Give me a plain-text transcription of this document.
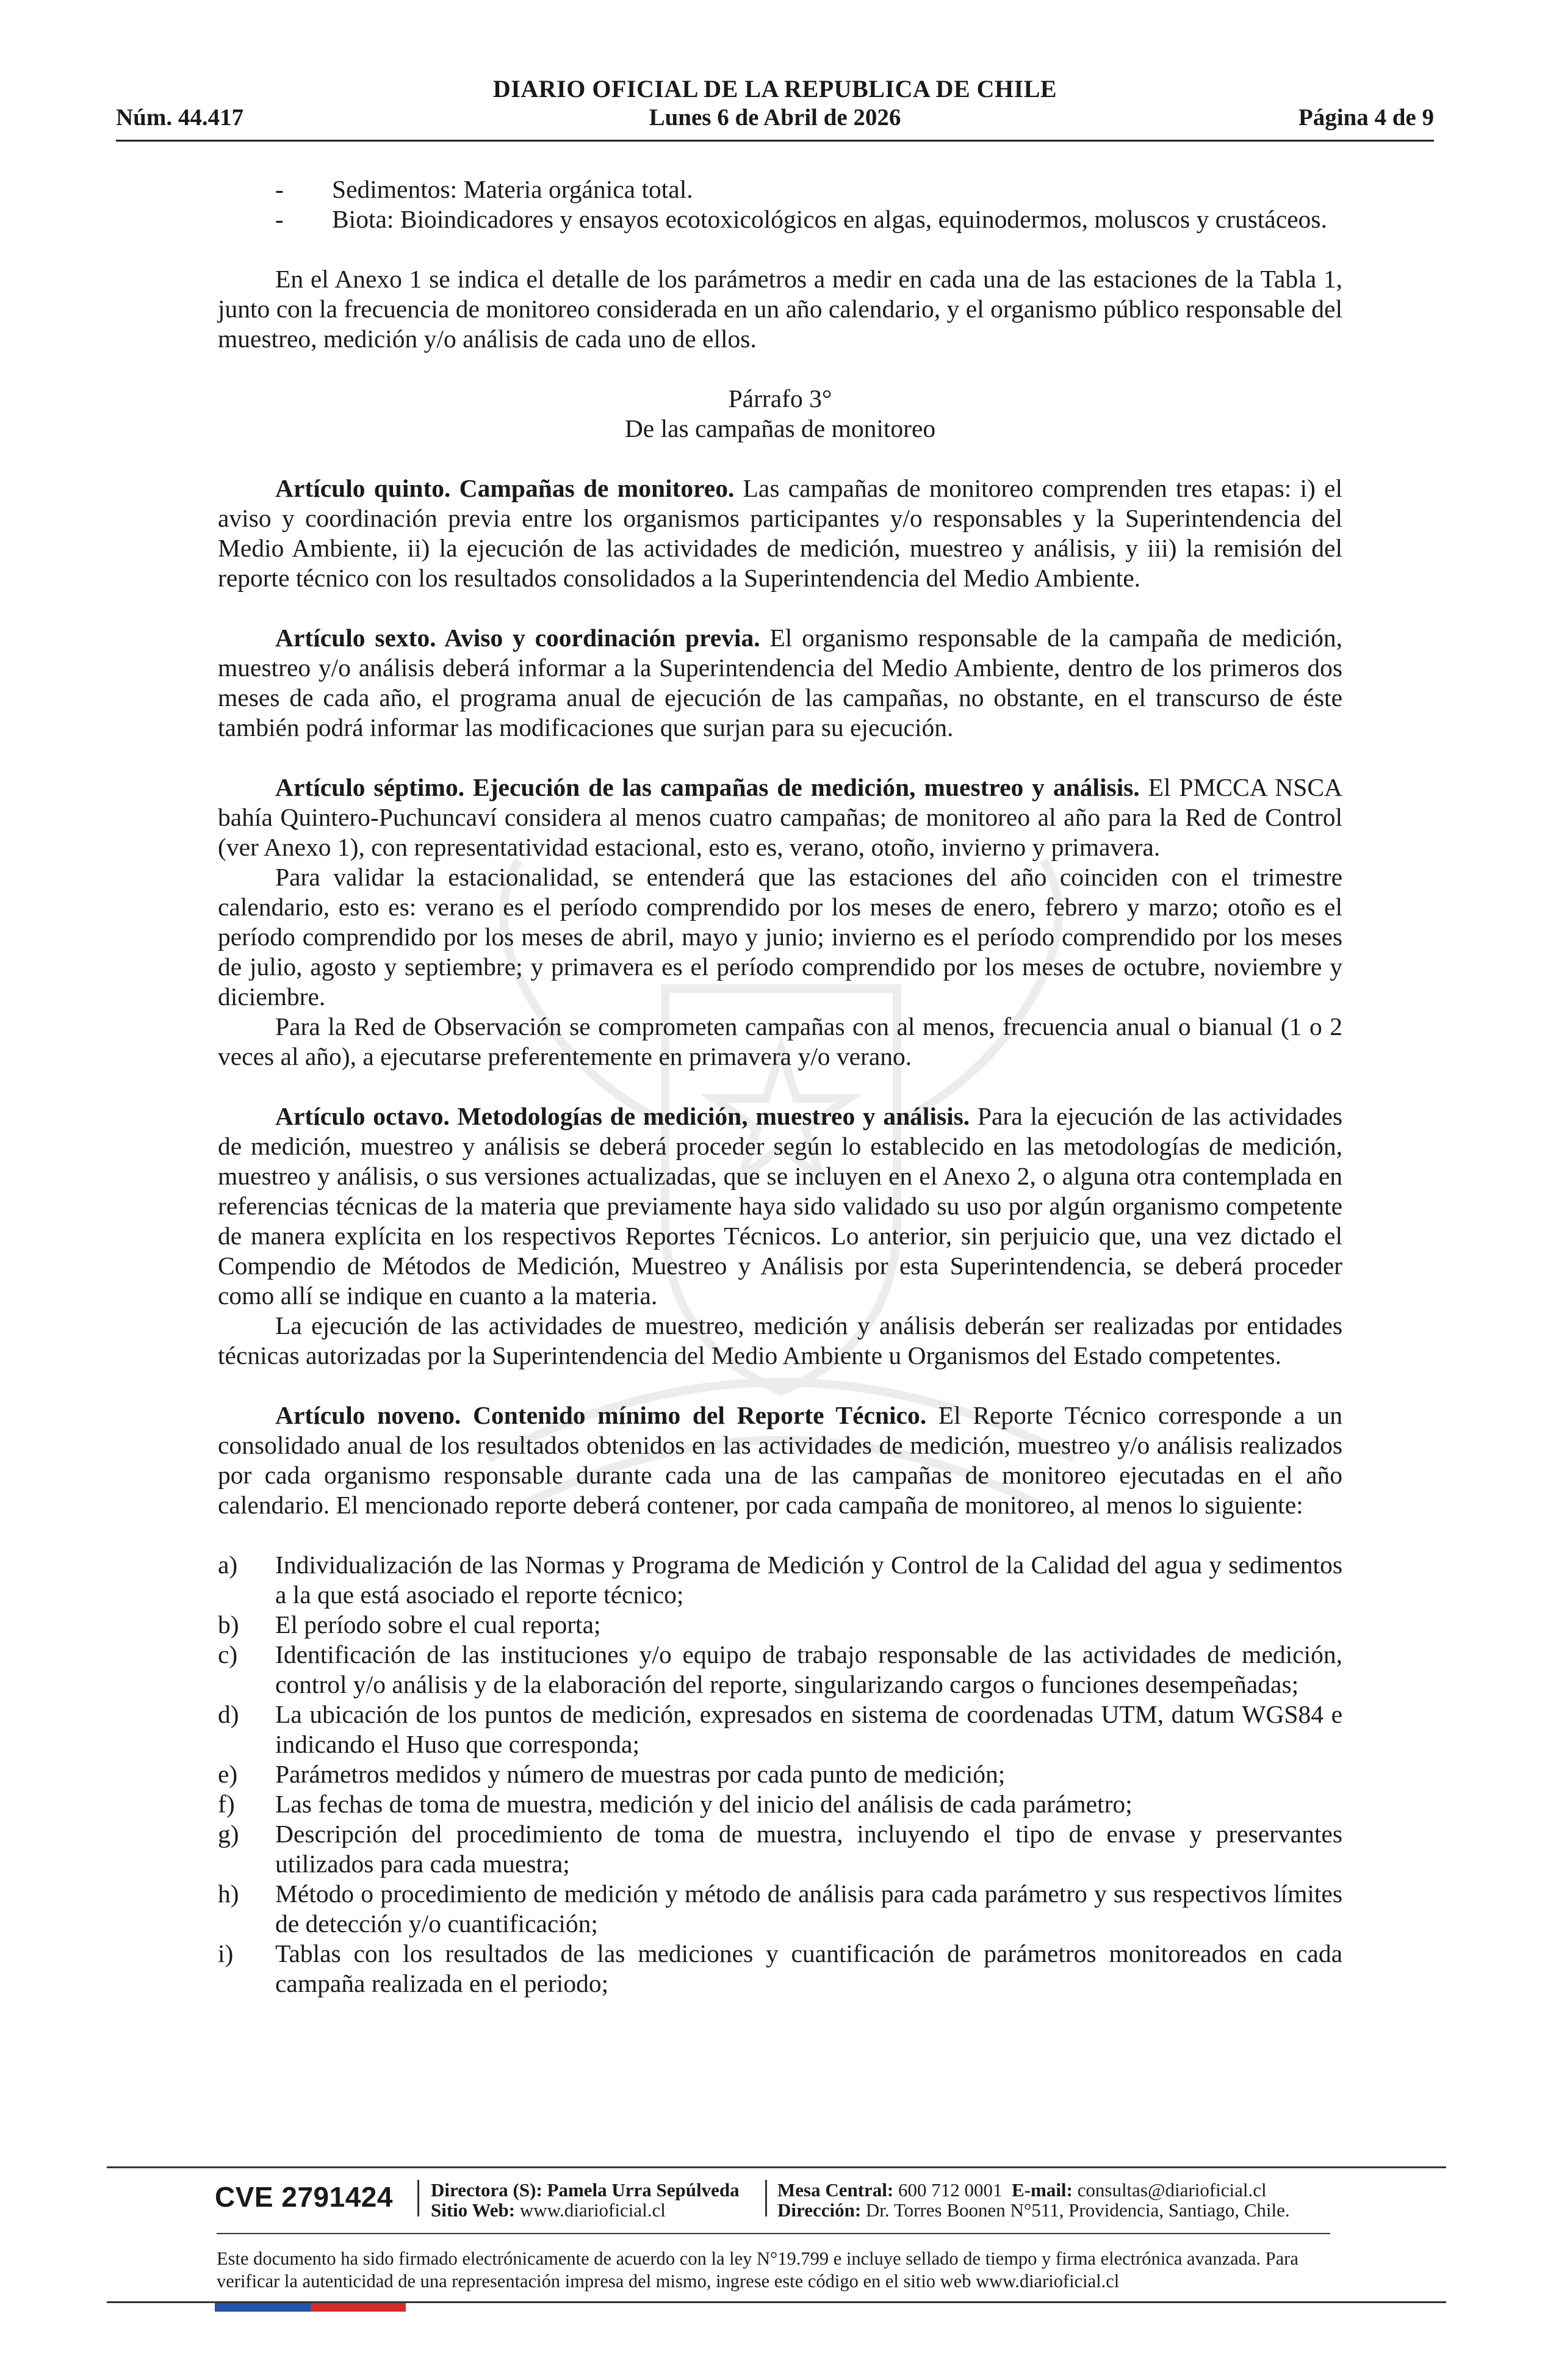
DIARIO OFICIAL DE LA REPUBLICA DE CHILE
Núm. 44.417	Lunes 6 de Abril de 2026	Página 4 de 9

- Sedimentos: Materia orgánica total.

- Biota: Bioindicadores y ensayos ecotoxicológicos en algas, equinodermos, moluscos y crustáceos.

En el Anexo 1 se indica el detalle de los parámetros a medir en cada una de las estaciones de la Tabla 1, junto con la frecuencia de monitoreo considerada en un año calendario, y el organismo público responsable del muestreo, medición y/o análisis de cada uno de ellos.

Párrafo 3°

De las campañas de monitoreo

Artículo quinto. Campañas de monitoreo. Las campañas de monitoreo comprenden tres etapas: i) el aviso y coordinación previa entre los organismos participantes y/o responsables y la Superintendencia del Medio Ambiente, ii) la ejecución de las actividades de medición, muestreo y análisis, y iii) la remisión del reporte técnico con los resultados consolidados a la Superintendencia del Medio Ambiente.

Artículo sexto. Aviso y coordinación previa. El organismo responsable de la campaña de medición, muestreo y/o análisis deberá informar a la Superintendencia del Medio Ambiente, dentro de los primeros dos meses de cada año, el programa anual de ejecución de las campañas, no obstante, en el transcurso de éste también podrá informar las modificaciones que surjan para su ejecución.

Artículo séptimo. Ejecución de las campañas de medición, muestreo y análisis. El PMCCA NSCA bahía Quintero-Puchuncaví considera al menos cuatro campañas; de monitoreo al año para la Red de Control (ver Anexo 1), con representatividad estacional, esto es, verano, otoño, invierno y primavera.

Para validar la estacionalidad, se entenderá que las estaciones del año coinciden con el trimestre calendario, esto es: verano es el período comprendido por los meses de enero, febrero y marzo; otoño es el período comprendido por los meses de abril, mayo y junio; invierno es el período comprendido por los meses de julio, agosto y septiembre; y primavera es el período comprendido por los meses de octubre, noviembre y diciembre.

Para la Red de Observación se comprometen campañas con al menos, frecuencia anual o bianual (1 o 2 veces al año), a ejecutarse preferentemente en primavera y/o verano.

Artículo octavo. Metodologías de medición, muestreo y análisis. Para la ejecución de las actividades de medición, muestreo y análisis se deberá proceder según lo establecido en las metodologías de medición, muestreo y análisis, o sus versiones actualizadas, que se incluyen en el Anexo 2, o alguna otra contemplada en referencias técnicas de la materia que previamente haya sido validado su uso por algún organismo competente de manera explícita en los respectivos Reportes Técnicos. Lo anterior, sin perjuicio que, una vez dictado el Compendio de Métodos de Medición, Muestreo y Análisis por esta Superintendencia, se deberá proceder como allí se indique en cuanto a la materia.

La ejecución de las actividades de muestreo, medición y análisis deberán ser realizadas por entidades técnicas autorizadas por la Superintendencia del Medio Ambiente u Organismos del Estado competentes.

Artículo noveno. Contenido mínimo del Reporte Técnico. El Reporte Técnico corresponde a un consolidado anual de los resultados obtenidos en las actividades de medición, muestreo y/o análisis realizados por cada organismo responsable durante cada una de las campañas de monitoreo ejecutadas en el año calendario. El mencionado reporte deberá contener, por cada campaña de monitoreo, al menos lo siguiente:

a) Individualización de las Normas y Programa de Medición y Control de la Calidad del agua y sedimentos a la que está asociado el reporte técnico;

b) El período sobre el cual reporta;

c) Identificación de las instituciones y/o equipo de trabajo responsable de las actividades de medición, control y/o análisis y de la elaboración del reporte, singularizando cargos o funciones desempeñadas;

d) La ubicación de los puntos de medición, expresados en sistema de coordenadas UTM, datum WGS84 e indicando el Huso que corresponda;

e) Parámetros medidos y número de muestras por cada punto de medición;

f) Las fechas de toma de muestra, medición y del inicio del análisis de cada parámetro;

g) Descripción del procedimiento de toma de muestra, incluyendo el tipo de envase y preservantes utilizados para cada muestra;

h) Método o procedimiento de medición y método de análisis para cada parámetro y sus respectivos límites de detección y/o cuantificación;

i) Tablas con los resultados de las mediciones y cuantificación de parámetros monitoreados en cada campaña realizada en el periodo;

CVE 2791424 Directora (S): Pamela Urra Sepúlveda
Sitio Web: www.diarioficial.cl
Mesa Central: 600 712 0001 E-mail: consultas@diarioficial.cl
Dirección: Dr. Torres Boonen N°511, Providencia, Santiago, Chile.
Este documento ha sido firmado electrónicamente de acuerdo con la ley N°19.799 e incluye sellado de tiempo y firma electrónica avanzada. Para verificar la autenticidad de una representación impresa del mismo, ingrese este código en el sitio web www.diarioficial.cl
